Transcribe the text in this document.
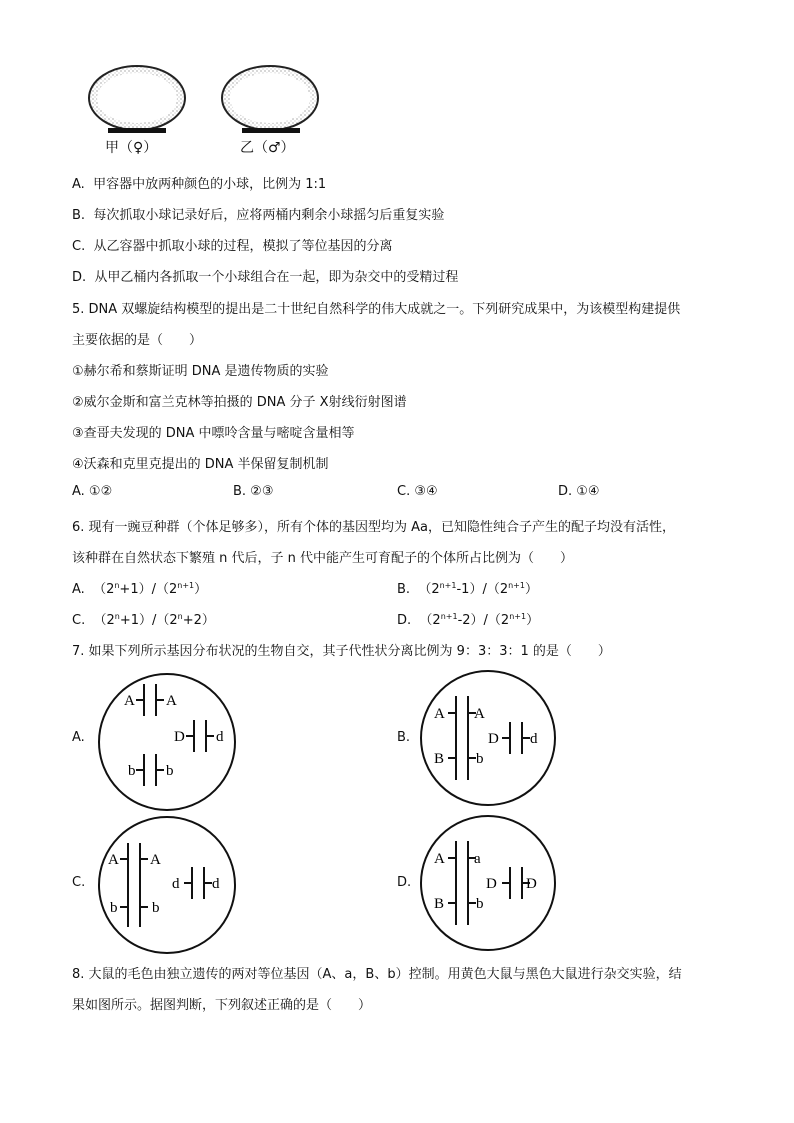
甲（♀）	乙（♂）
A. 甲容器中放两种颜色的小球，比例为 1:1
B. 每次抓取小球记录好后，应将两桶内剩余小球摇匀后重复实验
C. 从乙容器中抓取小球的过程，模拟了等位基因的分离
D. 从甲乙桶内各抓取一个小球组合在一起，即为杂交中的受精过程
5. DNA 双螺旋结构模型的提出是二十世纪自然科学的伟大成就之一。下列研究成果中，为该模型构建提供
主要依据的是（　　）
①赫尔希和蔡斯证明 DNA 是遗传物质的实验
②威尔金斯和富兰克林等拍摄的 DNA 分子 X射线衍射图谱
③查哥夫发现的 DNA 中嘌呤含量与嘧啶含量相等
④沃森和克里克提出的 DNA 半保留复制机制
A. ①②	B. ②③	C. ③④	D. ①④
6. 现有一豌豆种群（个体足够多），所有个体的基因型均为 Aa，已知隐性纯合子产生的配子均没有活性，
该种群在自然状态下繁殖 n 代后，子 n 代中能产生可育配子的个体所占比例为（　　）
A. $(2^n+1)/(2^{n+1})$	B. $(2^{n+1}-1)/(2^{n+1})$
C. $(2^n+1)/(2^n+2)$	D. $(2^{n+1}-2)/(2^{n+1})$
7. 如果下列所示基因分布状况的生物自交，其子代性状分离比例为 9：3：3：1 的是（　　）
A.
A A
D d
b b
B.
A A
B b
D d
C.
A A
b b
d d	D.
A a
B b
D D
8. 大鼠的毛色由独立遗传的两对等位基因（A、a，B、b）控制。用黄色大鼠与黑色大鼠进行杂交实验，结
果如图所示。据图判断，下列叙述正确的是（　　）
